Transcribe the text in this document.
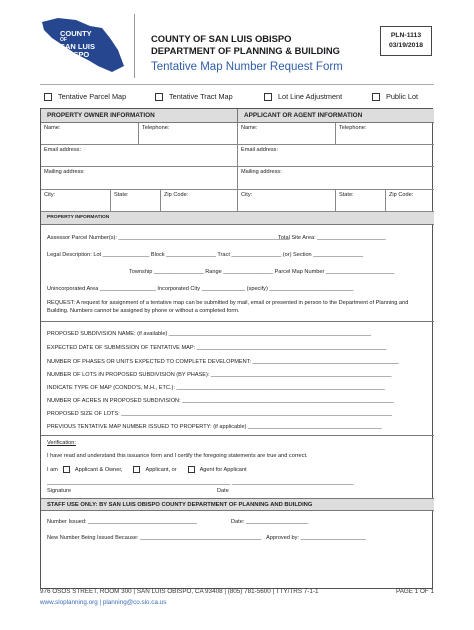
COUNTY
OF
SAN LUIS
OBISPO
COUNTY OF SAN LUIS OBISPO
DEPARTMENT OF PLANNING & BUILDING
Tentative Map Number Request Form
PLN-1113
03/19/2018
Tentative Parcel Map	Tentative Tract Map	Lot Line Adjustment	Public Lot
PROPERTY OWNER INFORMATION	APPLICANT OR AGENT INFORMATION
Name:	Telephone:
Email address:
Mailing address:
City:	State:	Zip Code:
Name:	Telephone:
Email address:
Mailing address:
City:	State:	Zip Code:
PROPERTY INFORMATION
Assessor Parcel Number(s): _______________________________________________________
Total Site Area: ______________________
Legal Description: Lot _______________ Block ________________ Tract ________________ (or) Section ________________
Township ________________ Range ________________ Parcel Map Number ______________________
Unincorporated Area __________________ Incorporated City ______________ (specify) ___________________________
REQUEST: A request for assignment of a tentative map can be submitted by mail, email or presented in person to the Department of Planning and Building. Numbers cannot be assigned by phone or without a completed form.
PROPOSED SUBDIVISION NAME: (if available) _________________________________________________________________
EXPECTED DATE OF SUBMISSION OF TENTATIVE MAP: _____________________________________________________________
NUMBER OF PHASES OR UNITS EXPECTED TO COMPLETE DEVELOPMENT: _______________________________________________
NUMBER OF LOTS IN PROPOSED SUBDIVISION (BY PHASE): __________________________________________________________
INDICATE TYPE OF MAP (CONDO'S, M.H., ETC.): ___________________________________________________________________
NUMBER OF ACRES IN PROPOSED SUBDIVISION: ____________________________________________________________________
PROPOSED SIZE OF LOTS: _______________________________________________________________________________________
PREVIOUS TENTATIVE MAP NUMBER ISSUED TO PROPERTY: (if applicable) ___________________________________________
Verification:
I have read and understand this issuance form and I certify the foregoing statements are true and correct.
I am	Applicant & Owner,	Applicant, or	Agent for Applicant
___________________________________________________________ _______________________________________
Signature	Date
STAFF USE ONLY: BY SAN LUIS OBISPO COUNTY DEPARTMENT OF PLANNING AND BUILDING
Number Issued: ___________________________________	Date: ____________________
New Number Being Issued Because: _______________________________________ Approved by: _____________________
976 OSOS STREET, ROOM 300 | SAN LUIS OBISPO, CA 93408 | (805) 781-5600 | TTY/TRS 7-1-1
www.sloplanning.org | planning@co.slo.ca.us
PAGE 1 OF 1
